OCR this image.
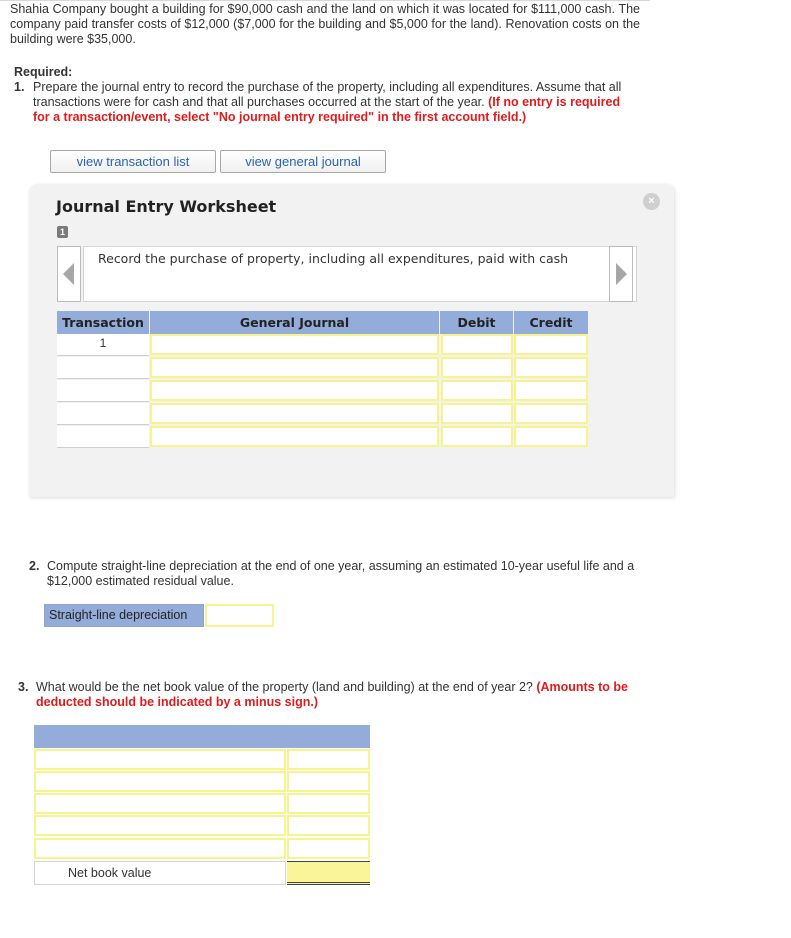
Shahia Company bought a building for $90,000 cash and the land on which it was located for $111,000 cash. The company paid transfer costs of $12,000 ($7,000 for the building and $5,000 for the land). Renovation costs on the building were $35,000.
Required:
1. Prepare the journal entry to record the purchase of the property, including all expenditures. Assume that all transactions were for cash and that all purchases occurred at the start of the year. (If no entry is required for a transaction/event, select "No journal entry required" in the first account field.)
view transaction list	view general journal
Journal Entry Worksheet	×
1
Record the purchase of property, including all expenditures, paid with cash
Transaction	General Journal	Debit	Credit
1
2. Compute straight-line depreciation at the end of one year, assuming an estimated 10-year useful life and a $12,000 estimated residual value.
Straight-line depreciation
3. What would be the net book value of the property (land and building) at the end of year 2? (Amounts to be deducted should be indicated by a minus sign.)
Net book value
